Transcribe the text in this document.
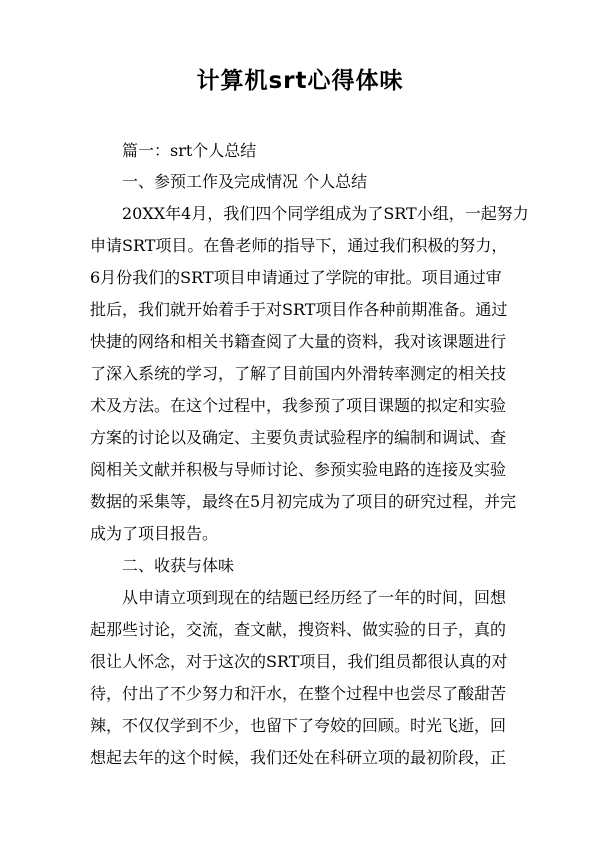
计算机srt心得体味

篇一：srt个人总结

一、参预工作及完成情况 个人总结

20XX年4月，我们四个同学组成为了SRT小组，一起努力

申请SRT项目。在鲁老师的指导下，通过我们积极的努力，

6月份我们的SRT项目申请通过了学院的审批。项目通过审

批后，我们就开始着手于对SRT项目作各种前期准备。通过

快捷的网络和相关书籍查阅了大量的资料，我对该课题进行

了深入系统的学习，了解了目前国内外滑转率测定的相关技

术及方法。在这个过程中，我参预了项目课题的拟定和实验

方案的讨论以及确定、主要负责试验程序的编制和调试、查

阅相关文献并积极与导师讨论、参预实验电路的连接及实验

数据的采集等，最终在5月初完成为了项目的研究过程，并完

成为了项目报告。

二、收获与体味

从申请立项到现在的结题已经历经了一年的时间，回想

起那些讨论，交流，查文献，搜资料、做实验的日子，真的

很让人怀念，对于这次的SRT项目，我们组员都很认真的对

待，付出了不少努力和汗水，在整个过程中也尝尽了酸甜苦

辣，不仅仅学到不少，也留下了夸姣的回顾。时光飞逝，回

想起去年的这个时候，我们还处在科研立项的最初阶段，正
